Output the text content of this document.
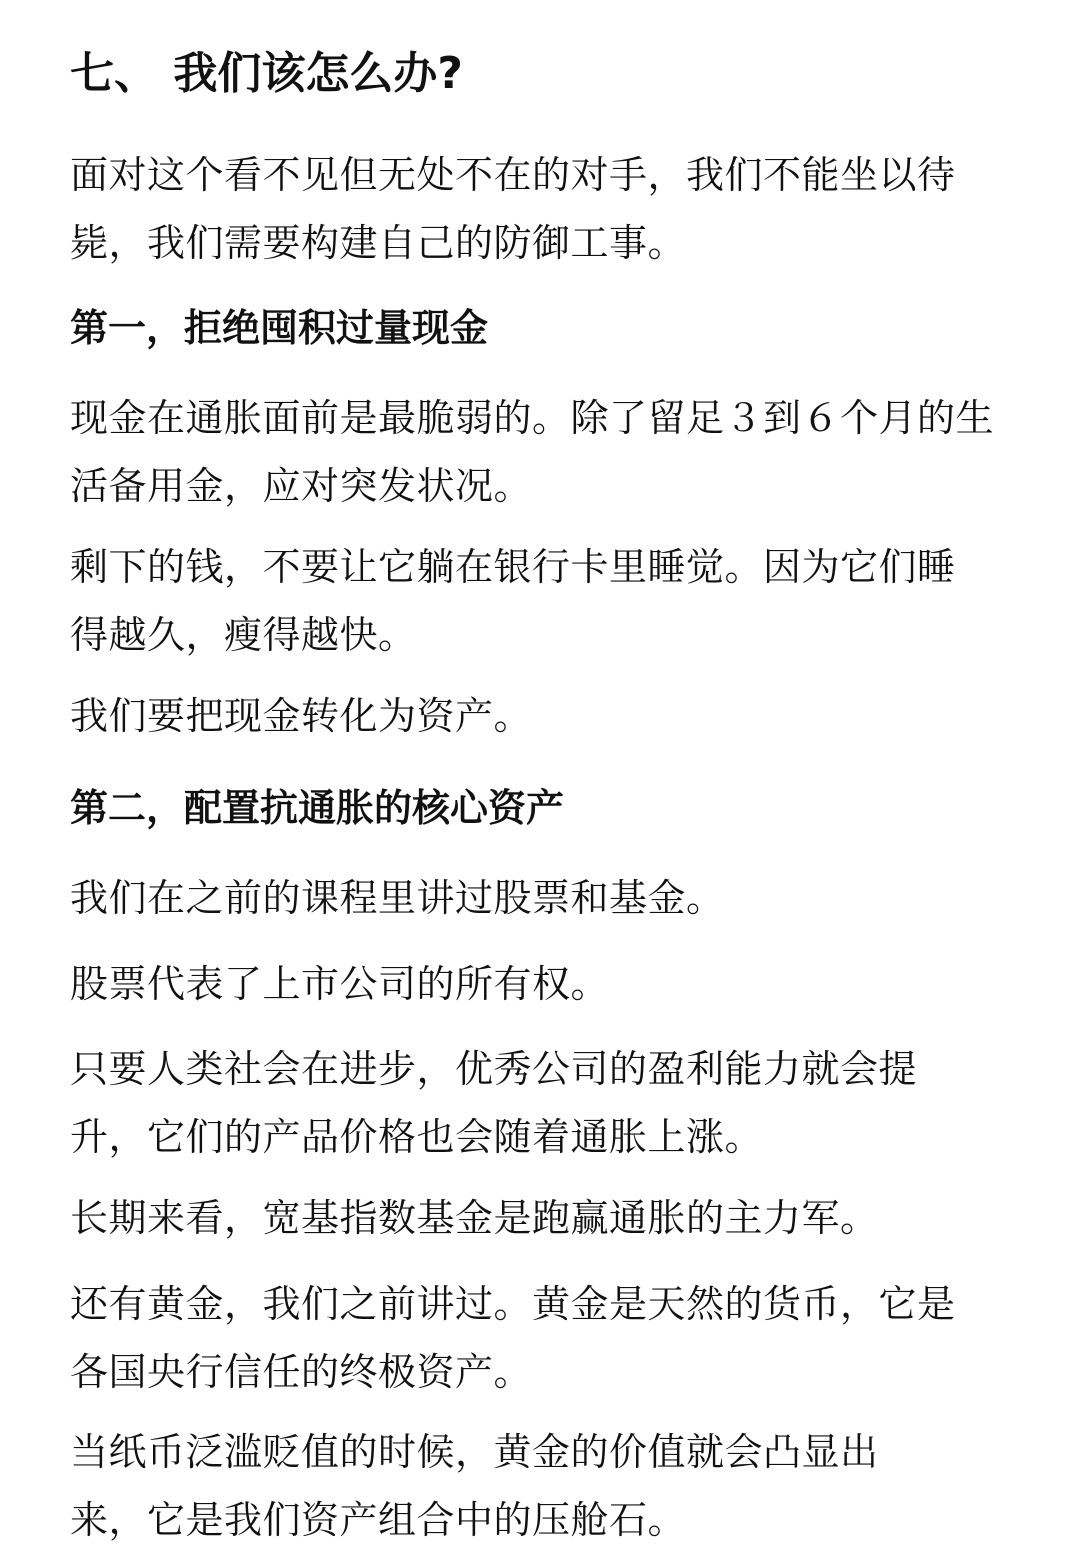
七、 我们该怎么办?

面对这个看不见但无处不在的对手，我们不能坐以待毙，我们需要构建自己的防御工事。

第一，拒绝囤积过量现金

现金在通胀面前是最脆弱的。除了留足３到６个月的生活备用金，应对突发状况。

剩下的钱，不要让它躺在银行卡里睡觉。因为它们睡得越久，瘦得越快。

我们要把现金转化为资产。

第二，配置抗通胀的核心资产

我们在之前的课程里讲过股票和基金。

股票代表了上市公司的所有权。

只要人类社会在进步，优秀公司的盈利能力就会提升，它们的产品价格也会随着通胀上涨。

长期来看，宽基指数基金是跑赢通胀的主力军。

还有黄金，我们之前讲过。黄金是天然的货币，它是各国央行信任的终极资产。

当纸币泛滥贬值的时候，黄金的价值就会凸显出来，它是我们资产组合中的压舱石。
